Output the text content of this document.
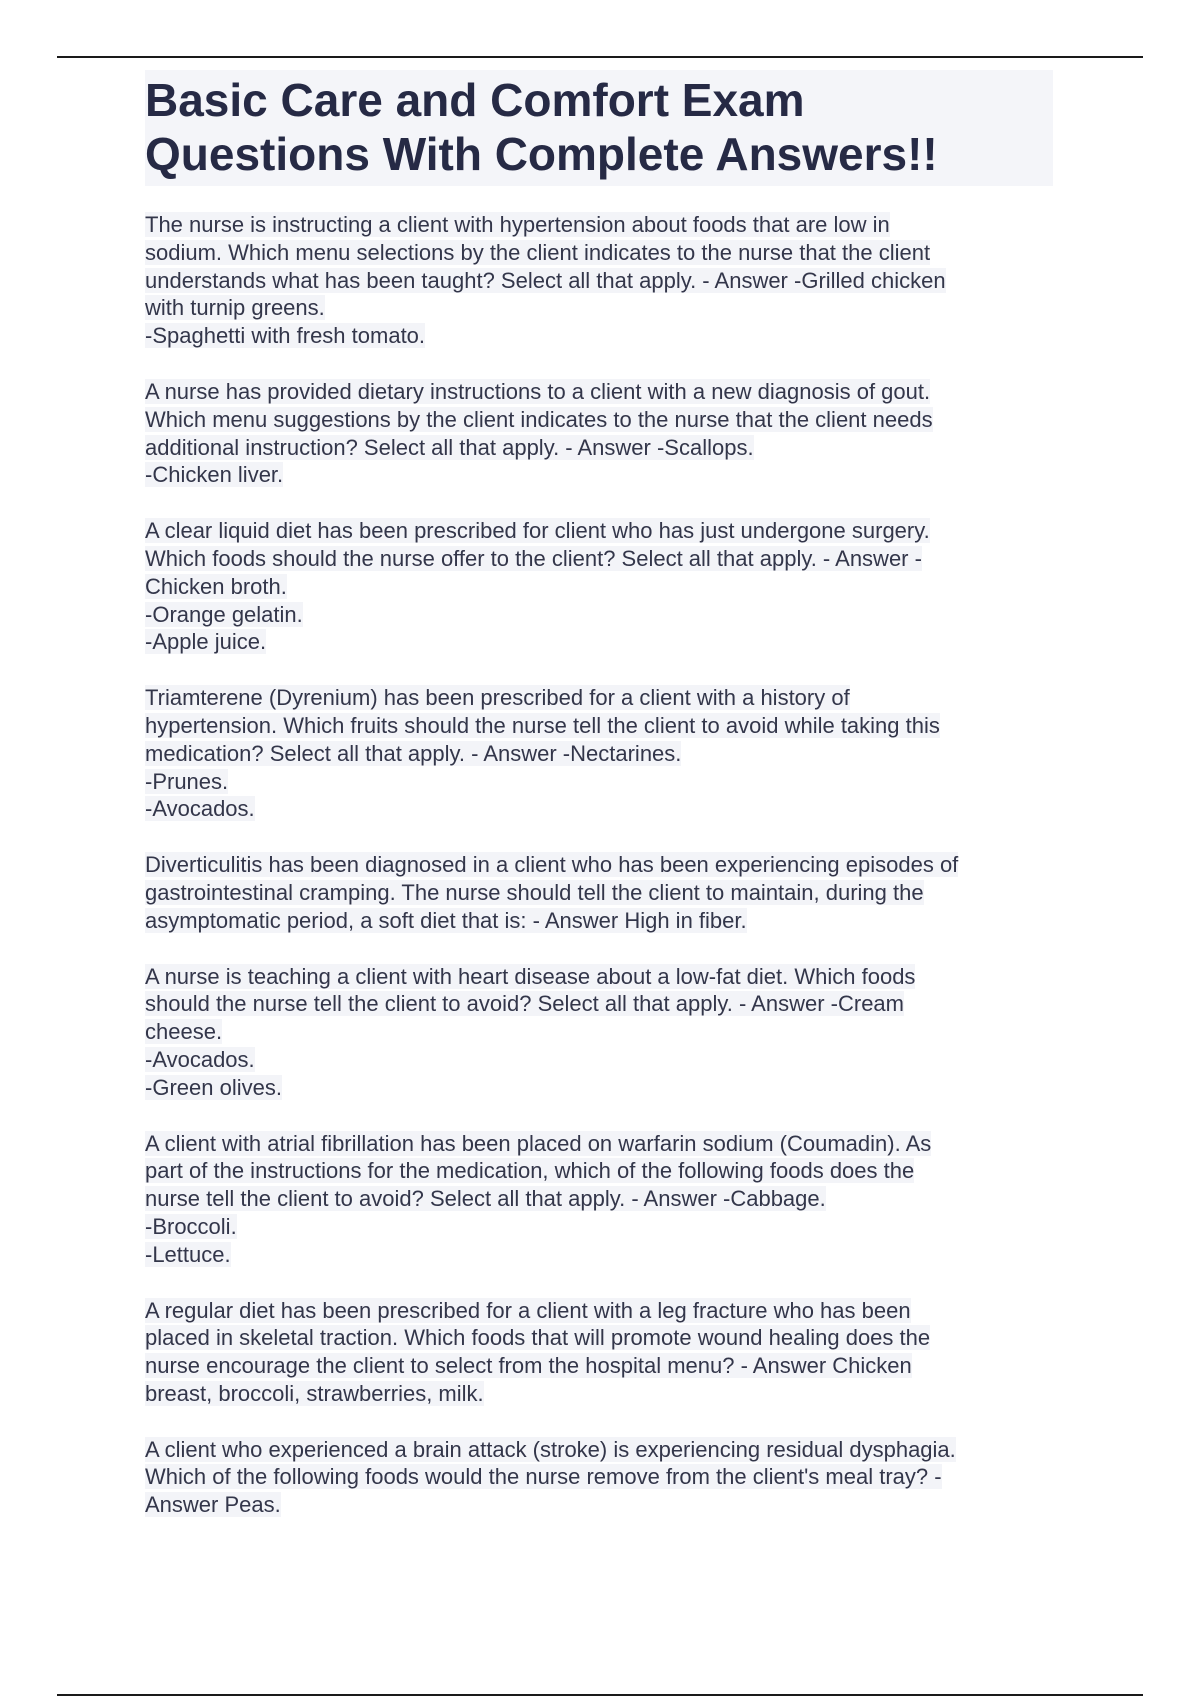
Basic Care and Comfort Exam
Questions With Complete Answers!!

The nurse is instructing a client with hypertension about foods that are low in
sodium. Which menu selections by the client indicates to the nurse that the client
understands what has been taught? Select all that apply. - Answer -Grilled chicken
with turnip greens.
-Spaghetti with fresh tomato.

A nurse has provided dietary instructions to a client with a new diagnosis of gout.
Which menu suggestions by the client indicates to the nurse that the client needs
additional instruction? Select all that apply. - Answer -Scallops.
-Chicken liver.

A clear liquid diet has been prescribed for client who has just undergone surgery.
Which foods should the nurse offer to the client? Select all that apply. - Answer -
Chicken broth.
-Orange gelatin.
-Apple juice.

Triamterene (Dyrenium) has been prescribed for a client with a history of
hypertension. Which fruits should the nurse tell the client to avoid while taking this
medication? Select all that apply. - Answer -Nectarines.
-Prunes.
-Avocados.

Diverticulitis has been diagnosed in a client who has been experiencing episodes of
gastrointestinal cramping. The nurse should tell the client to maintain, during the
asymptomatic period, a soft diet that is: - Answer High in fiber.

A nurse is teaching a client with heart disease about a low-fat diet. Which foods
should the nurse tell the client to avoid? Select all that apply. - Answer -Cream
cheese.
-Avocados.
-Green olives.

A client with atrial fibrillation has been placed on warfarin sodium (Coumadin). As
part of the instructions for the medication, which of the following foods does the
nurse tell the client to avoid? Select all that apply. - Answer -Cabbage.
-Broccoli.
-Lettuce.

A regular diet has been prescribed for a client with a leg fracture who has been
placed in skeletal traction. Which foods that will promote wound healing does the
nurse encourage the client to select from the hospital menu? - Answer Chicken
breast, broccoli, strawberries, milk.

A client who experienced a brain attack (stroke) is experiencing residual dysphagia.
Which of the following foods would the nurse remove from the client's meal tray? -
Answer Peas.
